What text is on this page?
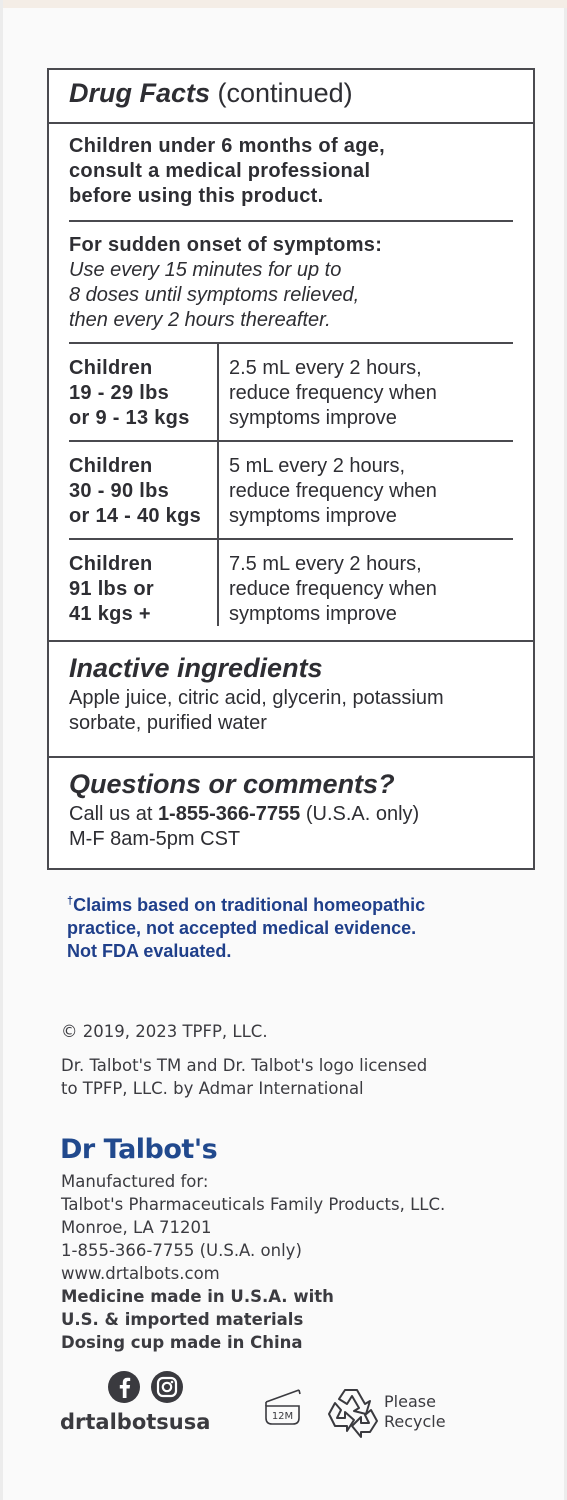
Drug Facts (continued)
Children under 6 months of age,
consult a medical professional
before using this product.
For sudden onset of symptoms:
Use every 15 minutes for up to
8 doses until symptoms relieved,
then every 2 hours thereafter.
Children
19 - 29 lbs
or 9 - 13 kgs
2.5 mL every 2 hours,
reduce frequency when
symptoms improve
Children
30 - 90 lbs
or 14 - 40 kgs
5 mL every 2 hours,
reduce frequency when
symptoms improve
Children
91 lbs or
41 kgs +
7.5 mL every 2 hours,
reduce frequency when
symptoms improve
Inactive ingredients
Apple juice, citric acid, glycerin, potassium
sorbate, purified water
Questions or comments?
Call us at 1-855-366-7755 (U.S.A. only)
M-F 8am-5pm CST
†Claims based on traditional homeopathic
practice, not accepted medical evidence.
Not FDA evaluated.
© 2019, 2023 TPFP, LLC.
Dr. Talbot's TM and Dr. Talbot's logo licensed
to TPFP, LLC. by Admar International
Dr Talbot's
Manufactured for:
Talbot's Pharmaceuticals Family Products, LLC.
Monroe, LA 71201
1-855-366-7755 (U.S.A. only)
www.drtalbots.com
Medicine made in U.S.A. with
U.S. & imported materials
Dosing cup made in China
drtalbotsusa	12M
Please
Recycle
